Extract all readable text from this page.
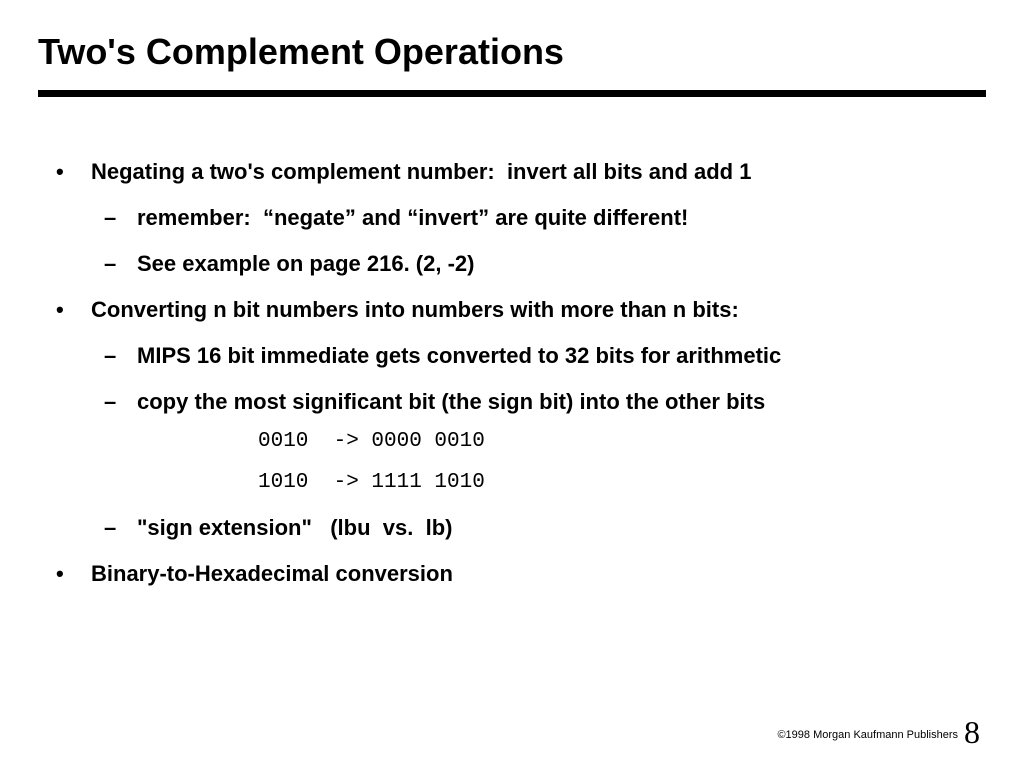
Two's Complement Operations
• Negating a two's complement number:  invert all bits and add 1
– remember:  “negate” and “invert” are quite different!
– See example on page 216. (2, -2)
• Converting n bit numbers into numbers with more than n bits:
– MIPS 16 bit immediate gets converted to 32 bits for arithmetic
– copy the most significant bit (the sign bit) into the other bits
0010  -> 0000 0010
1010  -> 1111 1010
– "sign extension"   (lbu  vs.  lb)
• Binary-to-Hexadecimal conversion
©1998 Morgan Kaufmann Publishers 8
